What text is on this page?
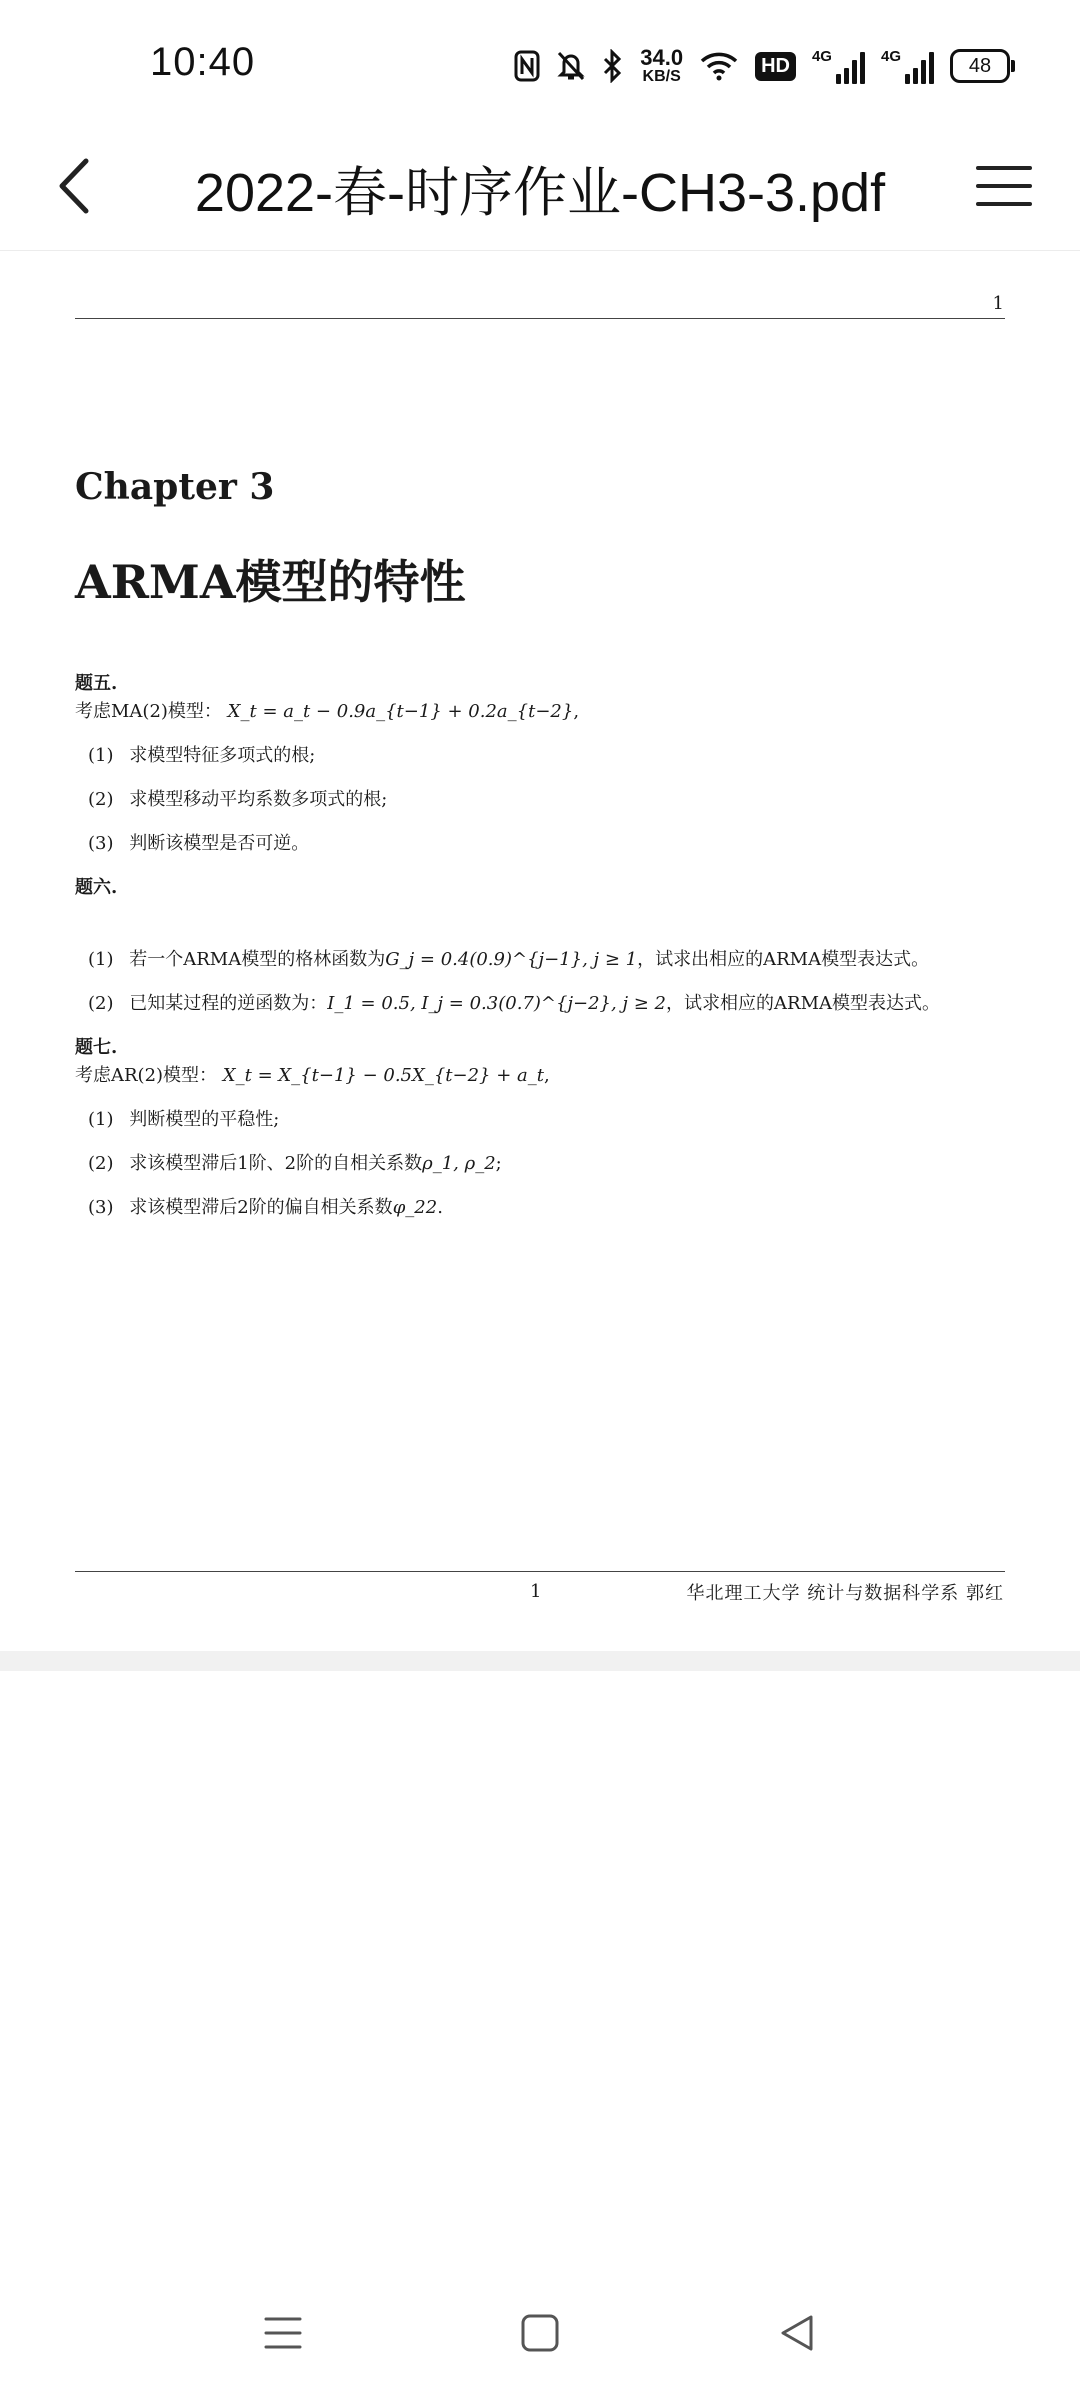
10:40	34.0
KB/S	HD	4G	4G	48
2022-春-时序作业-CH3-3.pdf
1
Chapter 3
ARMA模型的特性
题五.
考虑MA(2)模型： X_t = a_t − 0.9a_{t−1} + 0.2a_{t−2},
(1) 求模型特征多项式的根;
(2) 求模型移动平均系数多项式的根;
(3) 判断该模型是否可逆。
题六.
(1) 若一个ARMA模型的格林函数为G_j = 0.4(0.9)^{j−1}, j ≥ 1，试求出相应的ARMA模型表达式。
(2) 已知某过程的逆函数为：I_1 = 0.5, I_j = 0.3(0.7)^{j−2}, j ≥ 2，试求相应的ARMA模型表达式。
题七.
考虑AR(2)模型： X_t = X_{t−1} − 0.5X_{t−2} + a_t,
(1) 判断模型的平稳性;
(2) 求该模型滞后1阶、2阶的自相关系数ρ_1, ρ_2;
(3) 求该模型滞后2阶的偏自相关系数φ_22.
1	华北理工大学 统计与数据科学系 郭红
